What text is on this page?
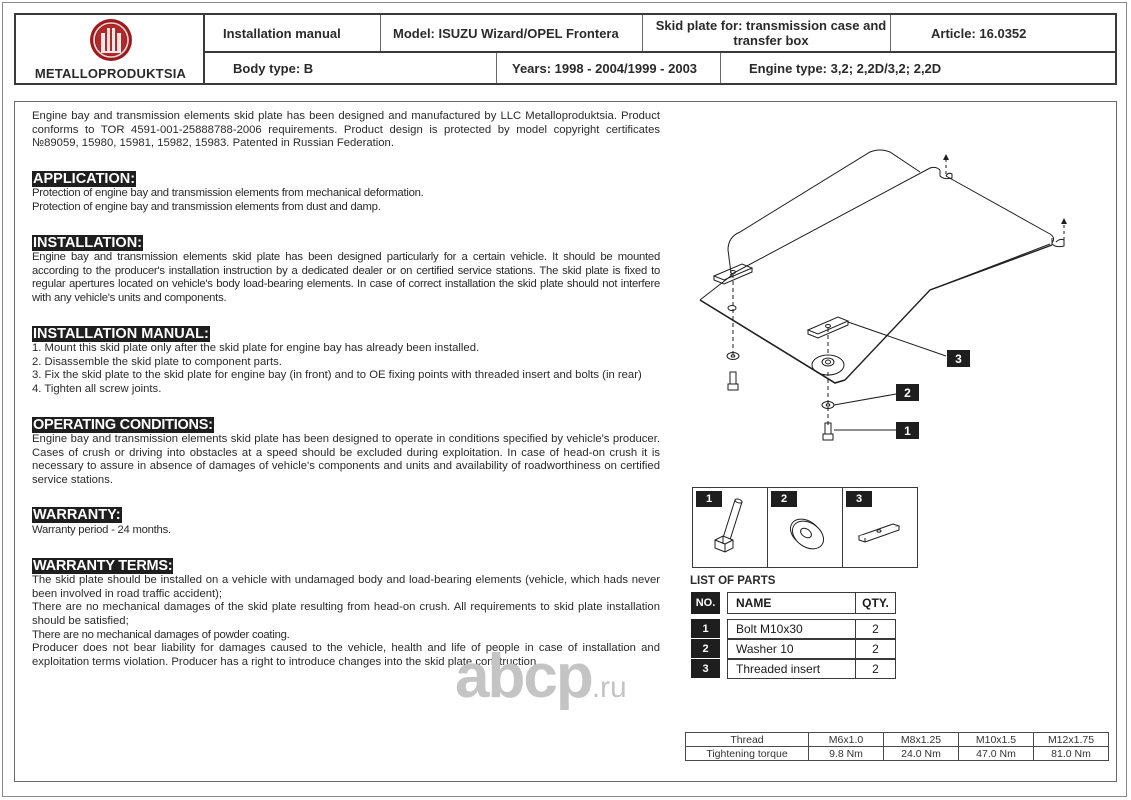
METALLOPRODUKTSIA
Installation manual	Model: ISUZU Wizard/OPEL Frontera	Skid plate for: transmission case and transfer box	Article: 16.0352
Body type: B	Years: 1998 - 2004/1999 - 2003	Engine type: 3,2; 2,2D/3,2; 2,2D

Engine bay and transmission elements skid plate has been designed and manufactured by LLC Metalloproduktsia. Product conforms to TOR 4591-001-25888788-2006 requirements. Product design is protected by model copyright certificates №89059, 15980, 15981, 15982, 15983. Patented in Russian Federation.

APPLICATION:

Protection of engine bay and transmission elements from mechanical deformation.

Protection of engine bay and transmission elements from dust and damp.

INSTALLATION:

Engine bay and transmission elements skid plate has been designed particularly for a certain vehicle. It should be mounted according to the producer's installation instruction by a dedicated dealer or on certified service stations. The skid plate is fixed to regular apertures located on vehicle's body load-bearing elements. In case of correct installation the skid plate should not interfere with any vehicle's units and components.

INSTALLATION MANUAL:

1. Mount this skid plate only after the skid plate for engine bay has already been installed.

2. Disassemble the skid plate to component parts.

3. Fix the skid plate to the skid plate for engine bay (in front) and to OE fixing points with threaded insert and bolts (in rear)

4. Tighten all screw joints.

OPERATING CONDITIONS:

Engine bay and transmission elements skid plate has been designed to operate in conditions specified by vehicle's producer. Cases of crush or driving into obstacles at a speed should be excluded during exploitation. In case of head-on crush it is necessary to assure in absence of damages of vehicle's components and units and availability of roadworthiness on certified service stations.

WARRANTY:

Warranty period - 24 months.

WARRANTY TERMS:

The skid plate should be installed on a vehicle with undamaged body and load-bearing elements (vehicle, which hads never been involved in road traffic accident);

There are no mechanical damages of the skid plate resulting from head-on crush. All requirements to skid plate installation should be satisfied;

There are no mechanical damages of powder coating.

Producer does not bear liability for damages caused to the vehicle, health and life of people in case of installation and exploitation terms violation. Producer has a right to introduce changes into the skid plate construction.

3
2
1
1	2	3
LIST OF PARTS
NO.	NAME	QTY.
1	Bolt M10x30	2
2	Washer 10	2
3	Threaded insert	2
abcp.ru
Thread	M6x1.0	M8x1.25	M10x1.5	M12x1.75
Tightening torque	9.8 Nm	24.0 Nm	47.0 Nm	81.0 Nm
